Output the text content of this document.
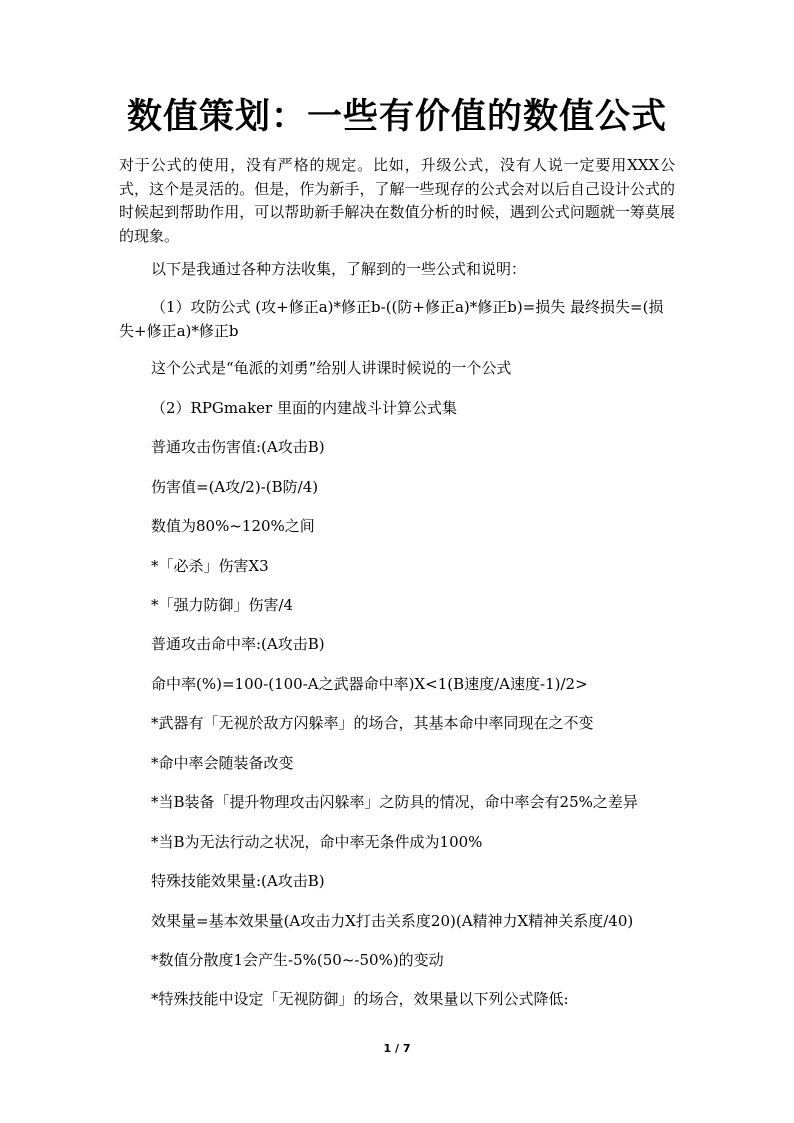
数值策划：一些有价值的数值公式

对于公式的使用，没有严格的规定。比如，升级公式，没有人说一定要用XXX公式，这个是灵活的。但是，作为新手，了解一些现存的公式会对以后自己设计公式的时候起到帮助作用，可以帮助新手解决在数值分析的时候，遇到公式问题就一筹莫展的现象。

以下是我通过各种方法收集，了解到的一些公式和说明：

（1）攻防公式 (攻+修正a)*修正b-((防+修正a)*修正b)=损失 最终损失=(损失+修正a)*修正b

这个公式是“龟派的刘勇”给别人讲课时候说的一个公式

（2）RPGmaker 里面的内建战斗计算公式集

普通攻击伤害值:(A攻击B)

伤害值=(A攻/2)-(B防/4)

数值为80%~120%之间

*「必杀」伤害X3

*「强力防御」伤害/4

普通攻击命中率:(A攻击B)

命中率(%)=100-(100-A之武器命中率)X<1(B速度/A速度-1)/2>

*武器有「无视於敌方闪躲率」的场合，其基本命中率同现在之不变

*命中率会随装备改变

*当B装备「提升物理攻击闪躲率」之防具的情况，命中率会有25%之差异

*当B为无法行动之状况，命中率无条件成为100%

特殊技能效果量:(A攻击B)

效果量=基本效果量(A攻击力X打击关系度20)(A精神力X精神关系度/40)

*数值分散度1会产生-5%(50~-50%)的变动

*特殊技能中设定「无视防御」的场合，效果量以下列公式降低:

1 / 7
